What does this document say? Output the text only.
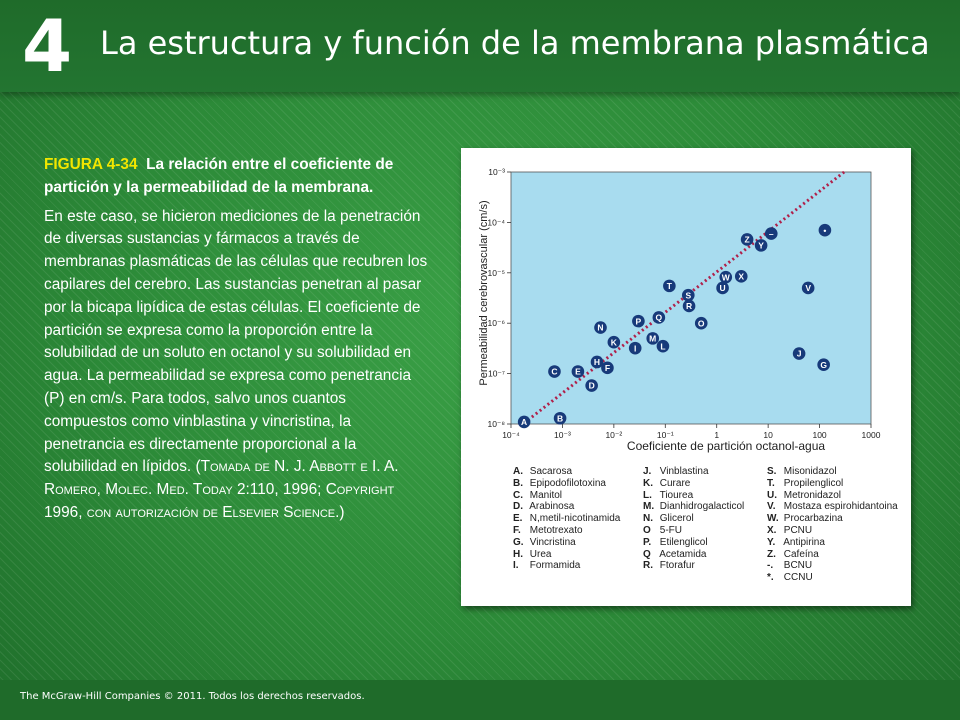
4 La estructura y función de la membrana plasmática

FIGURA 4-34 La relación entre el coeficiente de partición y la permeabilidad de la membrana.

En este caso, se hicieron mediciones de la penetración de diversas sustancias y fármacos a través de membranas plasmáticas de las células que recubren los capilares del cerebro. Las sustancias penetran al pasar por la bicapa lipídica de estas células. El coeficiente de partición se expresa como la proporción entre la solubilidad de un soluto en octanol y su solubilidad en agua. La permeabilidad se expresa como penetrancia (P) en cm/s. Para todos, salvo unos cuantos compuestos como vinblastina y vincristina, la penetrancia es directamente proporcional a la solubilidad en lípidos. (Tomada de N. J. Abbott e I. A. Romero, Molec. Med. Today 2:110, 1996; Copyright 1996, con autorización de Elsevier Science.)

10⁻⁴	10⁻³	10⁻²	10⁻¹	1	10	100	1000
10⁻⁸
10⁻⁷
10⁻⁶
10⁻⁵
10⁻⁴
10⁻³
A	B
C
D
E	F	G
H
I
J
K	L
M
N	O
P Q
R
S
T	U	V
W X
Y
Z
–	•
Coeficiente de partición octanol-agua
Permeabilidad cerebrovascular (cm/s)
A. Sacarosa
B. Epipodofilotoxina
C. Manitol
D. Arabinosa
E. N,metil-nicotinamida
F. Metotrexato
G. Vincristina
H. Urea
I. Formamida
J. Vinblastina
K. Curare
L. Tiourea
M. Dianhidrogalacticol
N. Glicerol
O 5-FU
P. Etilenglicol
Q Acetamida
R. Ftorafur
S. Misonidazol
T. Propilenglicol
U. Metronidazol
V. Mostaza espirohidantoina
W. Procarbazina
X. PCNU
Y. Antipirina
Z. Cafeína
-. BCNU
*. CCNU
The McGraw-Hill Companies © 2011. Todos los derechos reservados.
